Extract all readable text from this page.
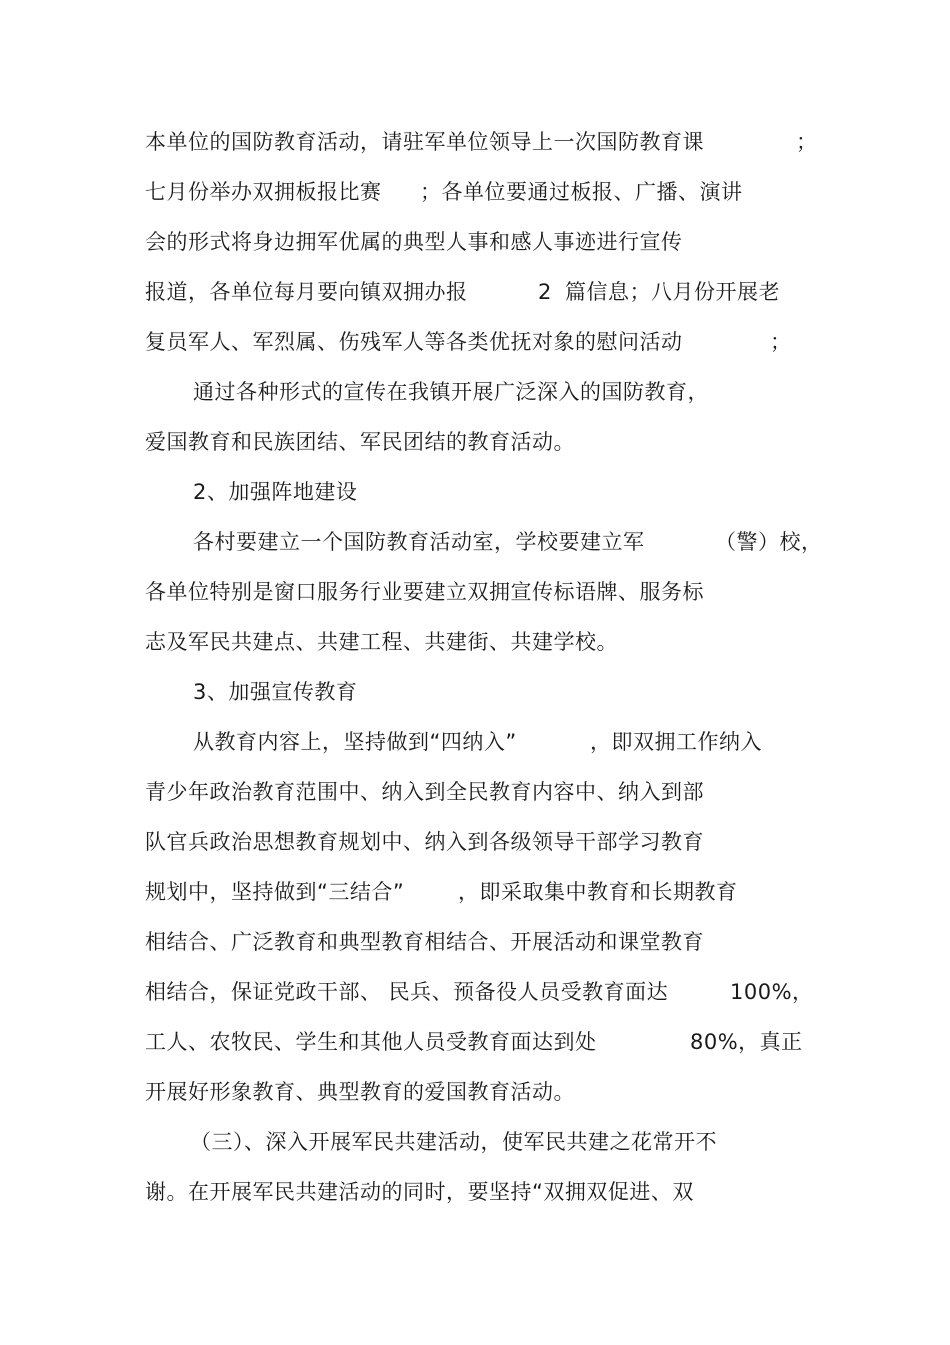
本单位的国防教育活动，请驻军单位领导上一次国防教育课	；
七月份举办双拥板报比赛 ；各单位要通过板报、广播、演讲
会的形式将身边拥军优属的典型人事和感人事迹进行宣传
报道，各单位每月要向镇双拥办报	2 篇信息；八月份开展老
复员军人、军烈属、伤残军人等各类优抚对象的慰问活动	；
通过各种形式的宣传在我镇开展广泛深入的国防教育，
爱国教育和民族团结、军民团结的教育活动。
2、加强阵地建设
各村要建立一个国防教育活动室，学校要建立军	（警）校，
各单位特别是窗口服务行业要建立双拥宣传标语牌、服务标
志及军民共建点、共建工程、共建街、共建学校。
3、加强宣传教育
从教育内容上，坚持做到“四纳入”	，即双拥工作纳入
青少年政治教育范围中、纳入到全民教育内容中、纳入到部
队官兵政治思想教育规划中、纳入到各级领导干部学习教育
规划中，坚持做到“三结合”	，即采取集中教育和长期教育
相结合、广泛教育和典型教育相结合、开展活动和课堂教育
相结合，保证党政干部、 民兵、预备役人员受教育面达	100%，
工人、农牧民、学生和其他人员受教育面达到处	80%，真正
开展好形象教育、典型教育的爱国教育活动。
（三）、深入开展军民共建活动，使军民共建之花常开不
谢。在开展军民共建活动的同时，要坚持“双拥双促进、双
